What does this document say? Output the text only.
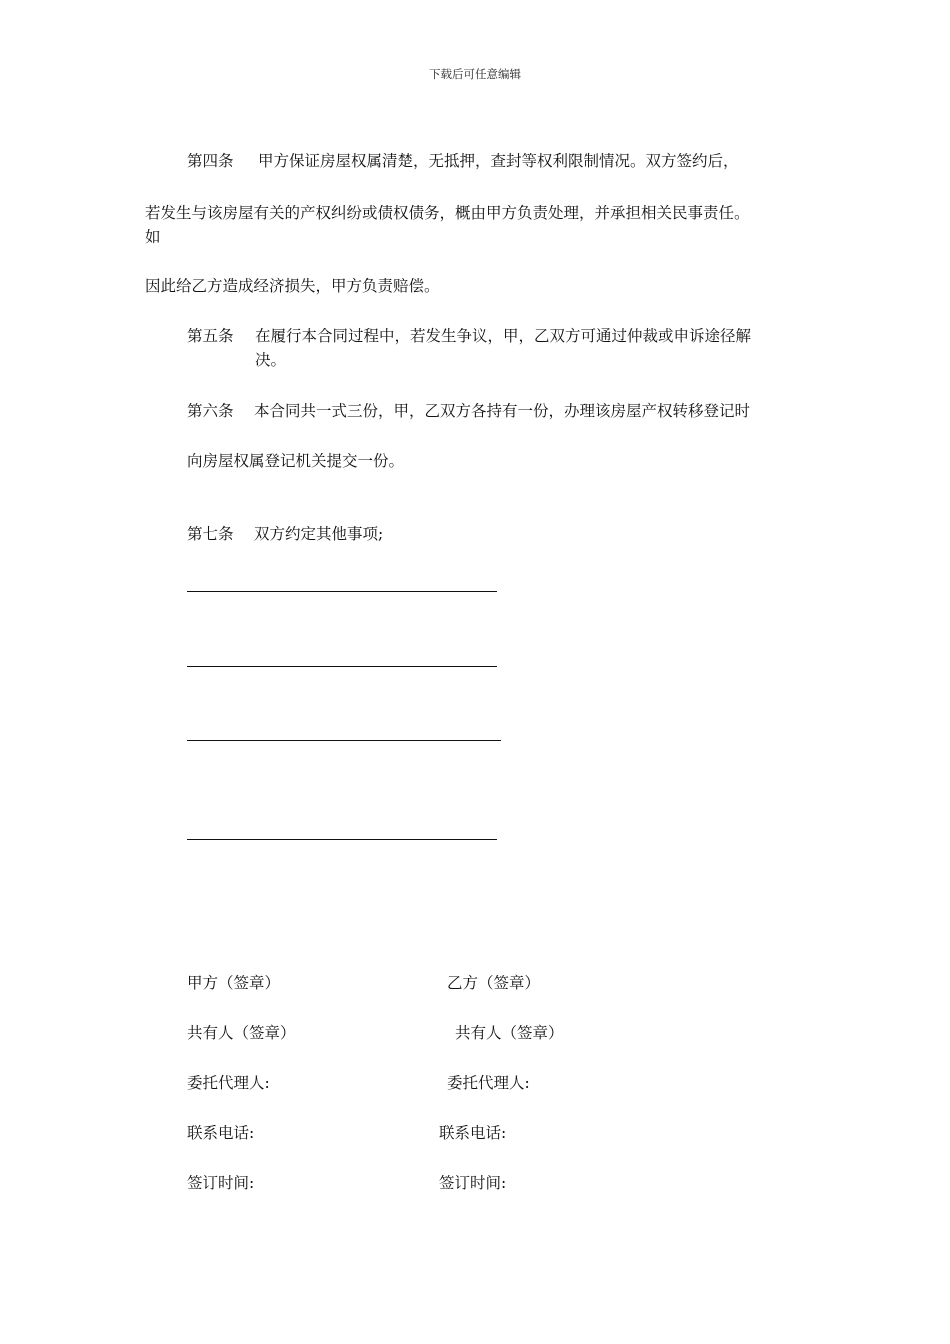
下载后可任意编辑
第四条 甲方保证房屋权属清楚，无抵押，查封等权利限制情况。双方签约后，
若发生与该房屋有关的产权纠纷或债权债务，概由甲方负责处理，并承担相关民事责任。
如
因此给乙方造成经济损失，甲方负责赔偿。
第五条 在履行本合同过程中，若发生争议，甲，乙双方可通过仲裁或申诉途径解
决。
第六条 本合同共一式三份，甲，乙双方各持有一份，办理该房屋产权转移登记时
向房屋权属登记机关提交一份。
第七条 双方约定其他事项;
甲方（签章）
共有人（签章）
委托代理人:
联系电话:
签订时间:
乙方（签章）
共有人（签章）
委托代理人:
联系电话:
签订时间:
